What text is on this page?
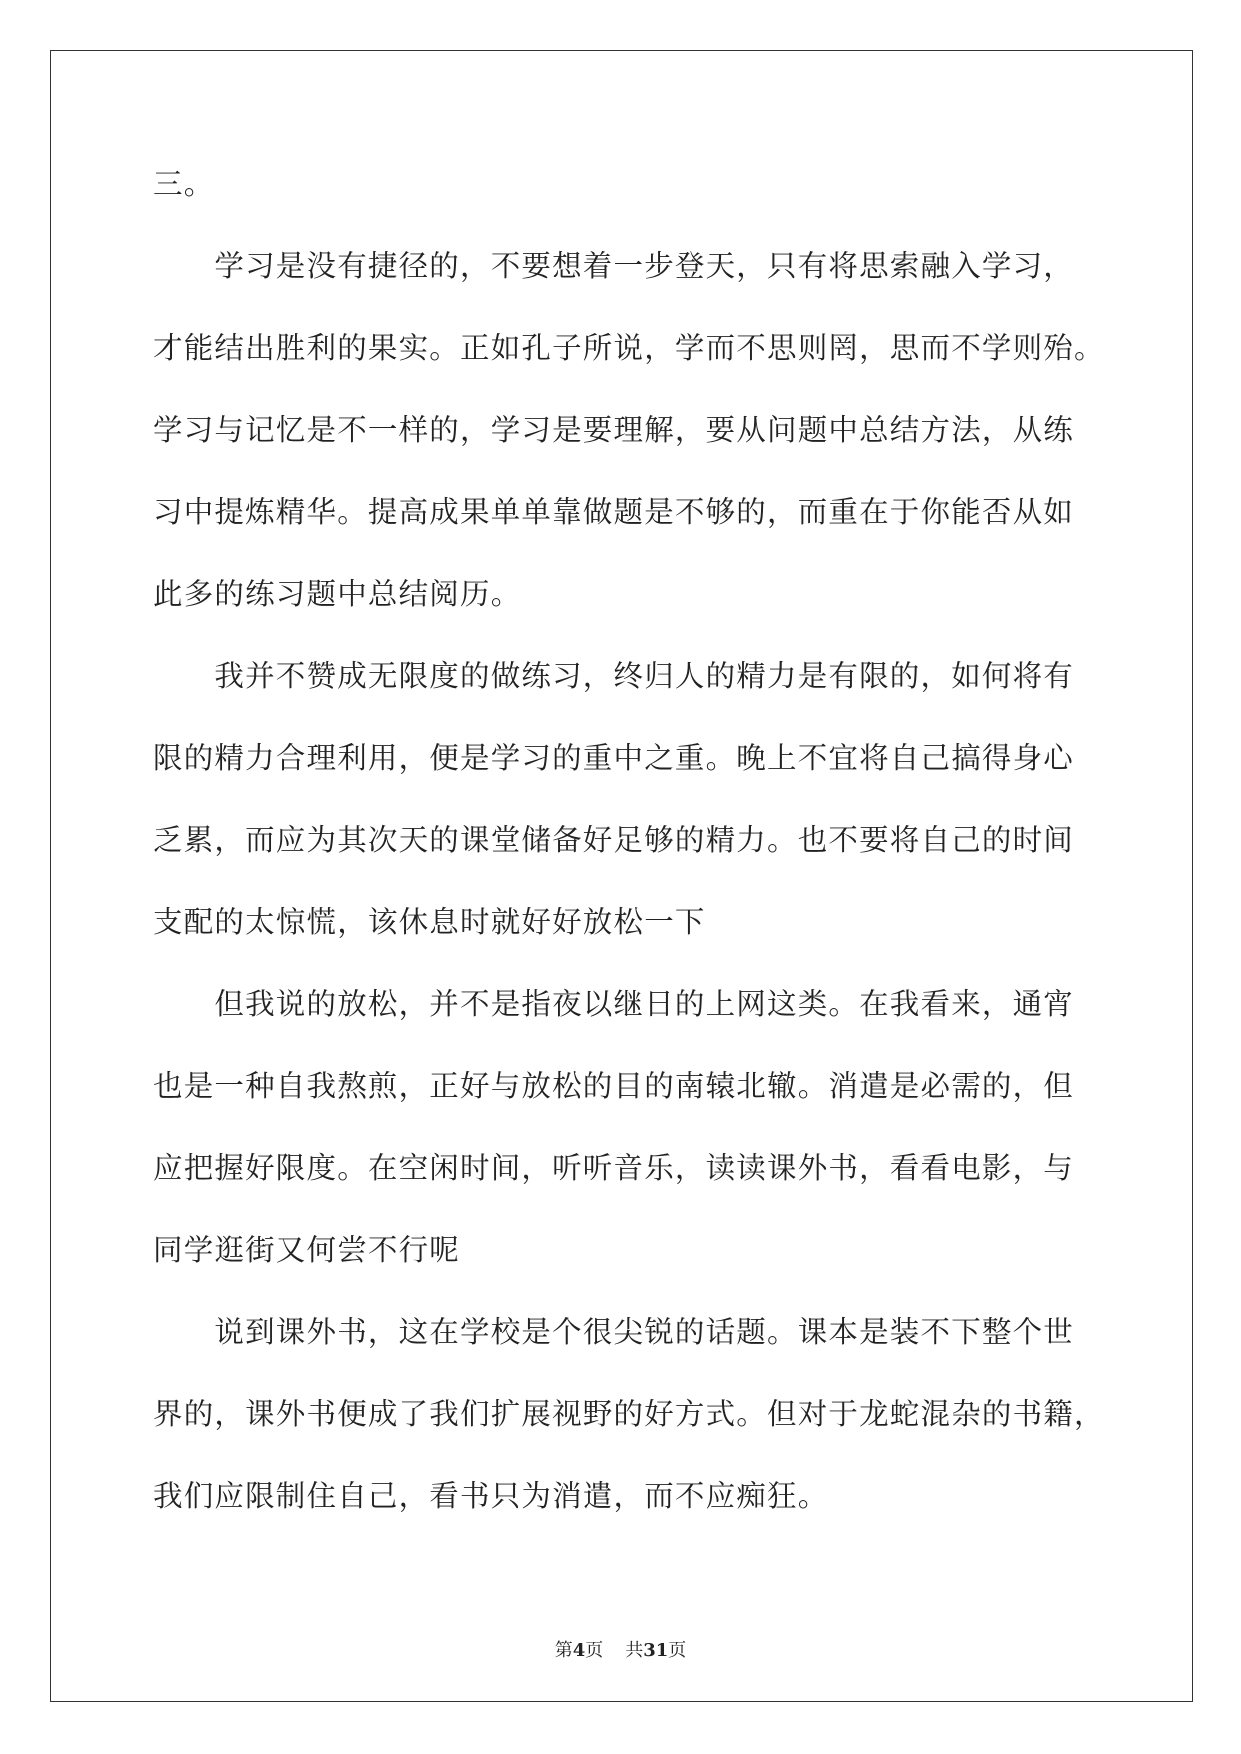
三。
　　学习是没有捷径的，不要想着一步登天，只有将思索融入学习，
才能结出胜利的果实。正如孔子所说，学而不思则罔，思而不学则殆。
学习与记忆是不一样的，学习是要理解，要从问题中总结方法，从练
习中提炼精华。提高成果单单靠做题是不够的，而重在于你能否从如
此多的练习题中总结阅历。
　　我并不赞成无限度的做练习，终归人的精力是有限的，如何将有
限的精力合理利用，便是学习的重中之重。晚上不宜将自己搞得身心
乏累，而应为其次天的课堂储备好足够的精力。也不要将自己的时间
支配的太惊慌，该休息时就好好放松一下
　　但我说的放松，并不是指夜以继日的上网这类。在我看来，通宵
也是一种自我熬煎，正好与放松的目的南辕北辙。消遣是必需的，但
应把握好限度。在空闲时间，听听音乐，读读课外书，看看电影，与
同学逛街又何尝不行呢
　　说到课外书，这在学校是个很尖锐的话题。课本是装不下整个世
界的，课外书便成了我们扩展视野的好方式。但对于龙蛇混杂的书籍，
我们应限制住自己，看书只为消遣，而不应痴狂。
第4页 共31页
